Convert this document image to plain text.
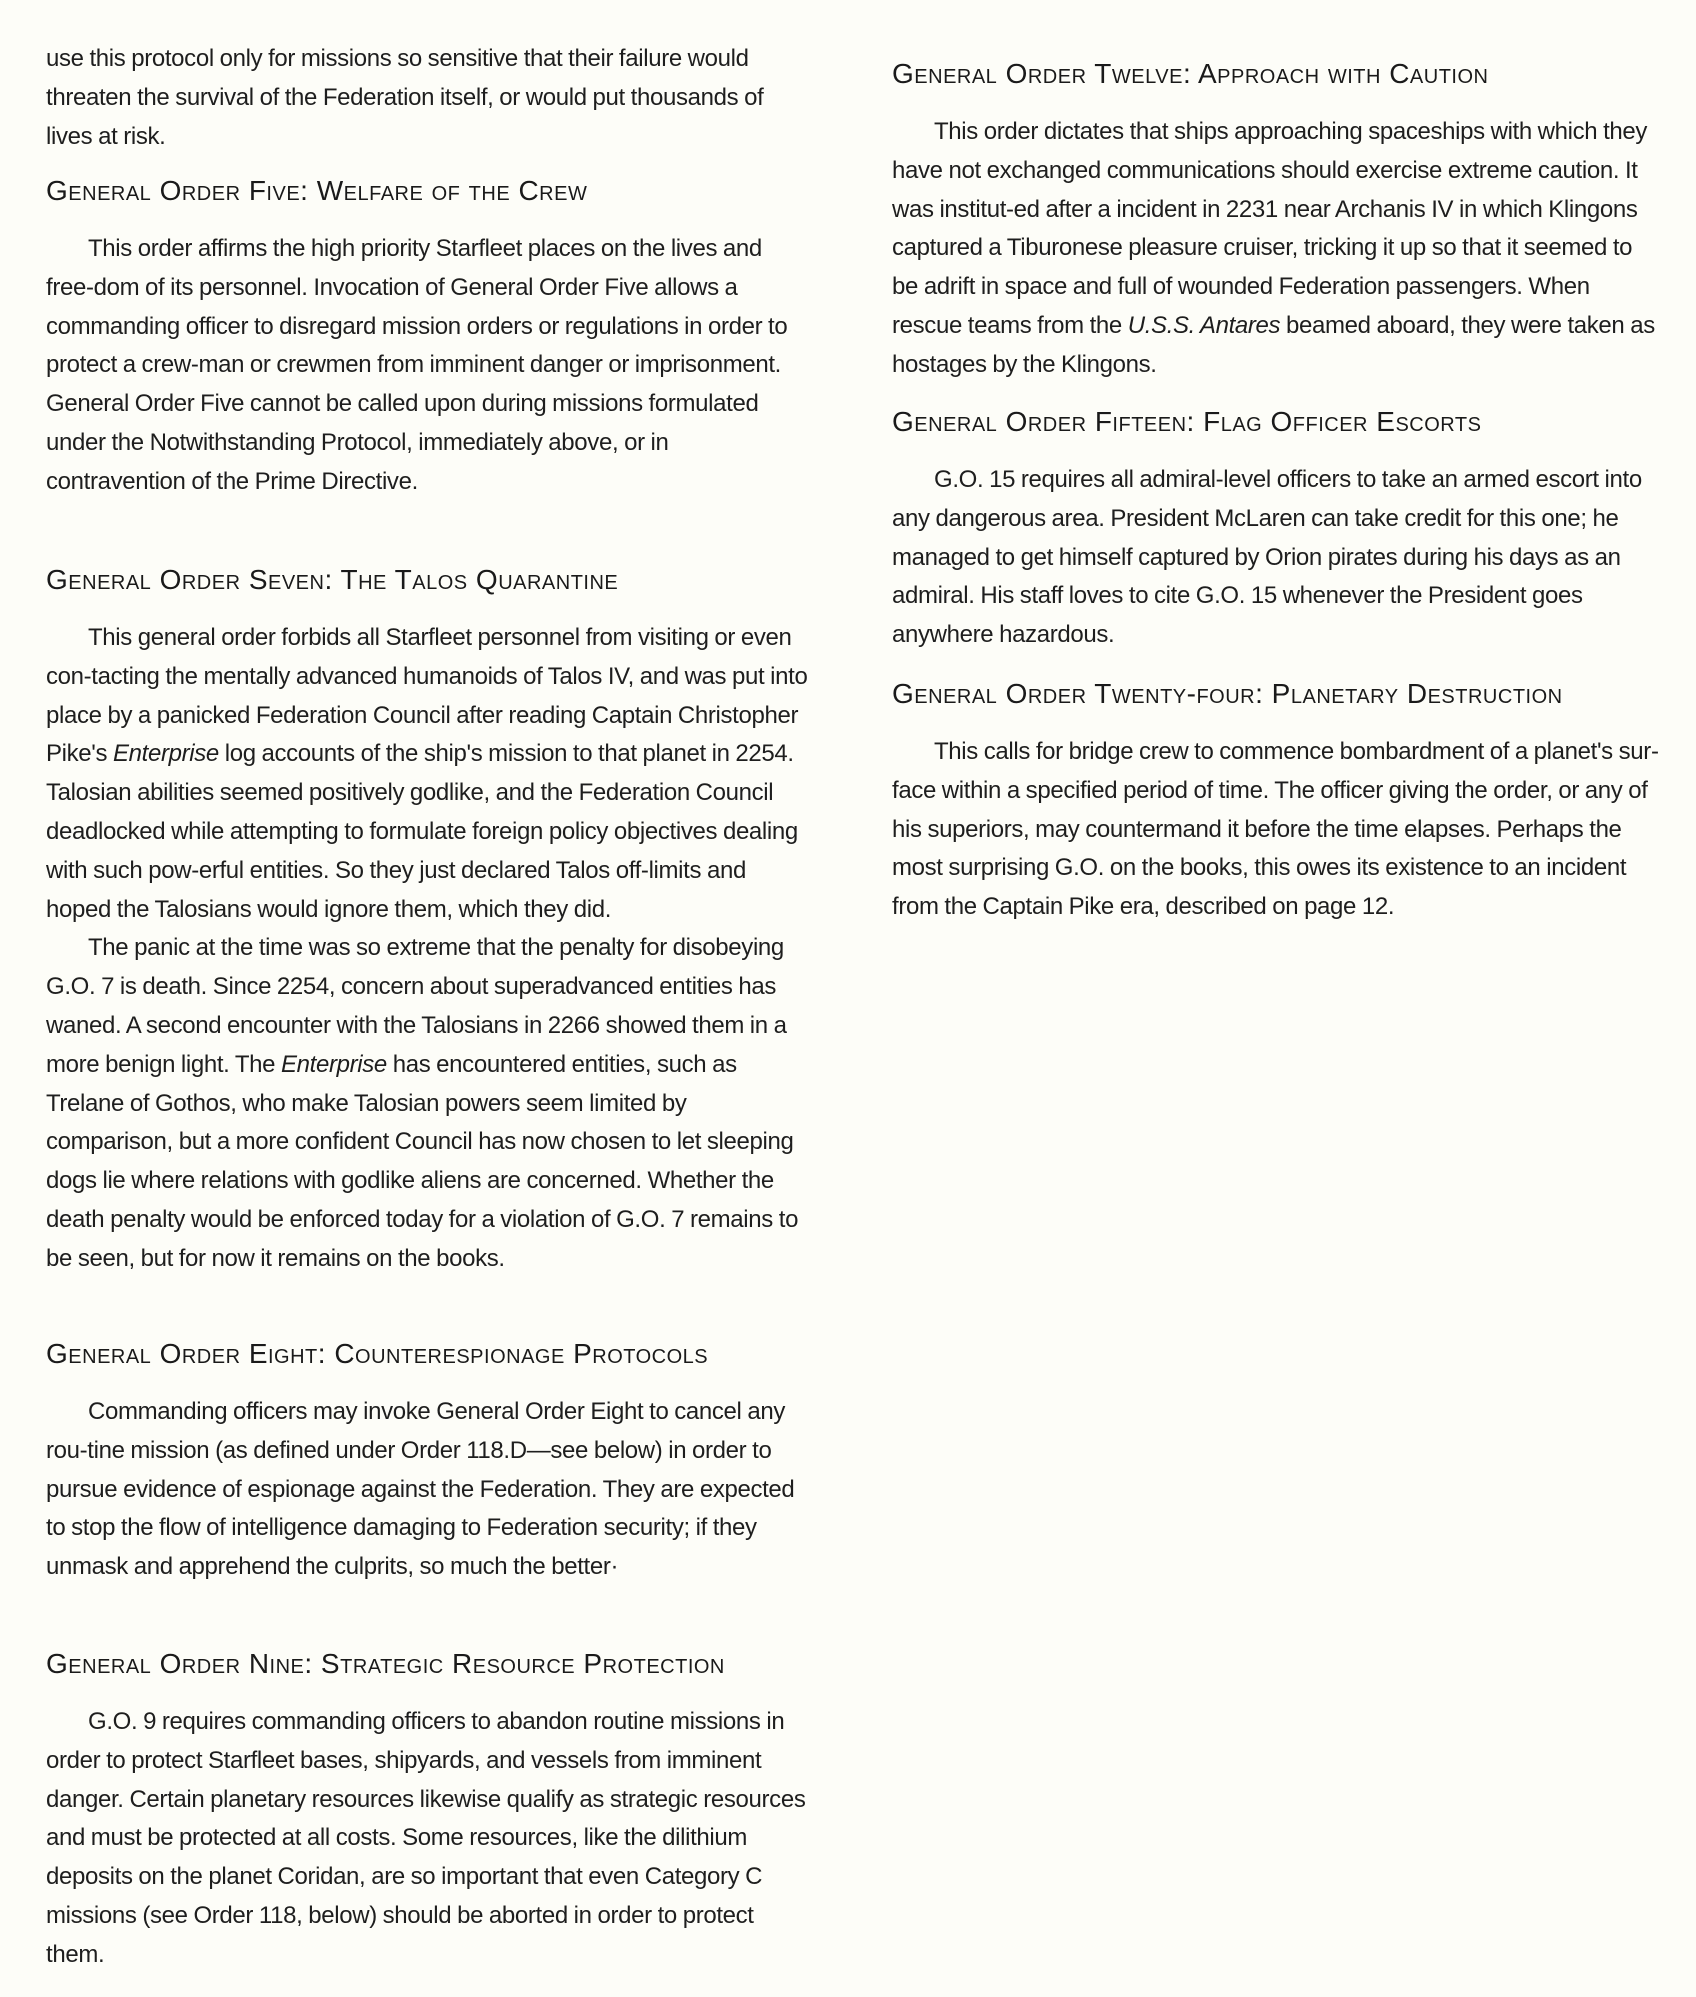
use this protocol only for missions so sensitive that their failure would threaten the survival of the Federation itself, or would put thousands of lives at risk.

General Order Five: Welfare of the Crew

This order affirms the high priority Starfleet places on the lives and free-dom of its personnel. Invocation of General Order Five allows a commanding officer to disregard mission orders or regulations in order to protect a crew-man or crewmen from imminent danger or imprisonment. General Order Five cannot be called upon during missions formulated under the Notwithstanding Protocol, immediately above, or in contravention of the Prime Directive.

General Order Seven: The Talos Quarantine

This general order forbids all Starfleet personnel from visiting or even con-tacting the mentally advanced humanoids of Talos IV, and was put into place by a panicked Federation Council after reading Captain Christopher Pike's Enterprise log accounts of the ship's mission to that planet in 2254. Talosian abilities seemed positively godlike, and the Federation Council deadlocked while attempting to formulate foreign policy objectives dealing with such pow-erful entities. So they just declared Talos off-limits and hoped the Talosians would ignore them, which they did.

The panic at the time was so extreme that the penalty for disobeying G.O. 7 is death. Since 2254, concern about superadvanced entities has waned. A second encounter with the Talosians in 2266 showed them in a more benign light. The Enterprise has encountered entities, such as Trelane of Gothos, who make Talosian powers seem limited by comparison, but a more confident Council has now chosen to let sleeping dogs lie where relations with godlike aliens are concerned. Whether the death penalty would be enforced today for a violation of G.O. 7 remains to be seen, but for now it remains on the books.

General Order Eight: Counterespionage Protocols

Commanding officers may invoke General Order Eight to cancel any rou-tine mission (as defined under Order 118.D—see below) in order to pursue evidence of espionage against the Federation. They are expected to stop the flow of intelligence damaging to Federation security; if they unmask and apprehend the culprits, so much the better·

General Order Nine: Strategic Resource Protection

G.O. 9 requires commanding officers to abandon routine missions in order to protect Starfleet bases, shipyards, and vessels from imminent danger. Certain planetary resources likewise qualify as strategic resources and must be protected at all costs. Some resources, like the dilithium deposits on the planet Coridan, are so important that even Category C missions (see Order 118, below) should be aborted in order to protect them.

General Order Twelve: Approach with Caution

This order dictates that ships approaching spaceships with which they have not exchanged communications should exercise extreme caution. It was institut-ed after a incident in 2231 near Archanis IV in which Klingons captured a Tiburonese pleasure cruiser, tricking it up so that it seemed to be adrift in space and full of wounded Federation passengers. When rescue teams from the U.S.S. Antares beamed aboard, they were taken as hostages by the Klingons.

General Order Fifteen: Flag Officer Escorts

G.O. 15 requires all admiral-level officers to take an armed escort into any dangerous area. President McLaren can take credit for this one; he managed to get himself captured by Orion pirates during his days as an admiral. His staff loves to cite G.O. 15 whenever the President goes anywhere hazardous.

General Order Twenty-four: Planetary Destruction

This calls for bridge crew to commence bombardment of a planet's sur-face within a specified period of time. The officer giving the order, or any of his superiors, may countermand it before the time elapses. Perhaps the most surprising G.O. on the books, this owes its existence to an incident from the Captain Pike era, described on page 12.
